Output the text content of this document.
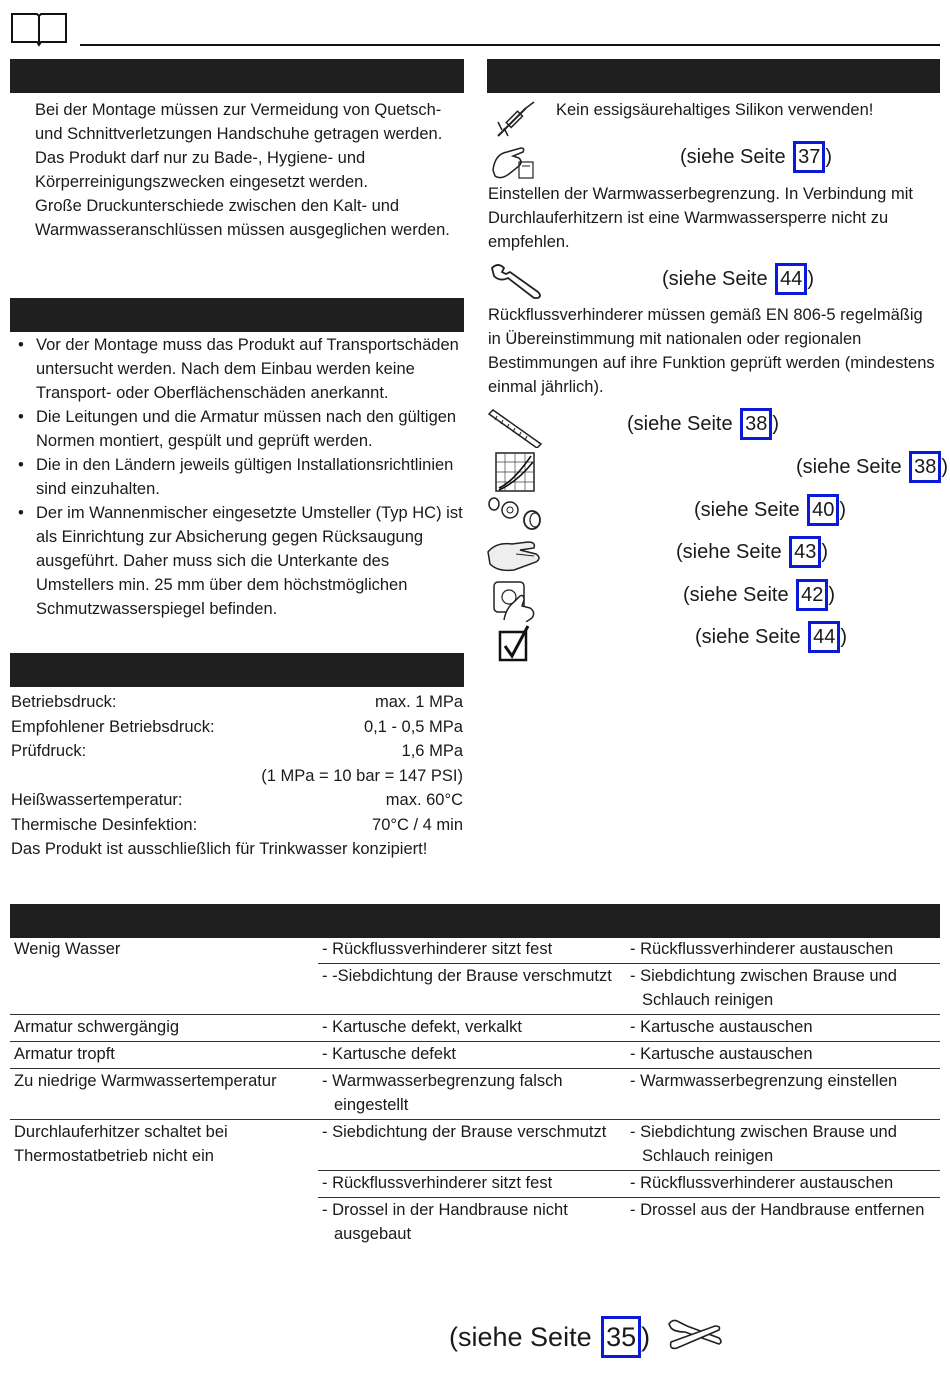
Bei der Montage müssen zur Vermeidung von Quetsch- und Schnittverletzungen Handschuhe getragen werden.
Das Produkt darf nur zu Bade-, Hygiene- und Körperreinigungszwecken eingesetzt werden.
Große Druckunterschiede zwischen den Kalt- und Warmwasseranschlüssen müssen ausgeglichen werden.
• Vor der Montage muss das Produkt auf Transportschäden untersucht werden. Nach dem Einbau werden keine Transport- oder Oberflächenschäden anerkannt.
• Die Leitungen und die Armatur müssen nach den gültigen Normen montiert, gespült und geprüft werden.
• Die in den Ländern jeweils gültigen Installationsrichtlinien sind einzuhalten.
• Der im Wannenmischer eingesetzte Umsteller (Typ HC) ist als Einrichtung zur Absicherung gegen Rücksaugung ausgeführt. Daher muss sich die Unterkante des Umstellers min. 25 mm über dem höchstmöglichen Schmutzwasserspiegel befinden.
Betriebsdruck:	max. 1 MPa
Empfohlener Betriebsdruck:	0,1 - 0,5 MPa
Prüfdruck:	1,6 MPa
(1 MPa = 10 bar = 147 PSI)
Heißwassertemperatur:	max. 60°C
Thermische Desinfektion:	70°C / 4 min
Das Produkt ist ausschließlich für Trinkwasser konzipiert!
Kein essigsäurehaltiges Silikon verwenden!
(siehe Seite 37 )
Einstellen der Warmwasserbegrenzung. In Verbindung mit Durchlauferhitzern ist eine Warmwassersperre nicht zu empfehlen.
(siehe Seite 44 )
Rückflussverhinderer müssen gemäß EN 806-5 regelmäßig in Übereinstimmung mit nationalen oder regionalen Bestimmungen auf ihre Funktion geprüft werden (mindestens einmal jährlich).
(siehe Seite 38 )
(siehe Seite 38 )
(siehe Seite 40 )
(siehe Seite 43 )
(siehe Seite 42 )
(siehe Seite 44 )
Wenig Wasser	- Rückflussverhinderer sitzt fest	- Rückflussverhinderer austauschen

	- -Siebdichtung der Brause verschmutzt	- Siebdichtung zwischen Brause und Schlauch reinigen

Armatur schwergängig	- Kartusche defekt, verkalkt	- Kartusche austauschen

Armatur tropft	- Kartusche defekt	- Kartusche austauschen

Zu niedrige Warmwassertemperatur	- Warmwasserbegrenzung falsch eingestellt	- Warmwasserbegrenzung einstellen

Durchlauferhitzer schaltet bei Thermostatbetrieb nicht ein	- Siebdichtung der Brause verschmutzt	- Siebdichtung zwischen Brause und Schlauch reinigen

	- Rückflussverhinderer sitzt fest	- Rückflussverhinderer austauschen

	- Drossel in der Handbrause nicht ausgebaut	- Drossel aus der Handbrause entfernen
(siehe Seite 35 )
